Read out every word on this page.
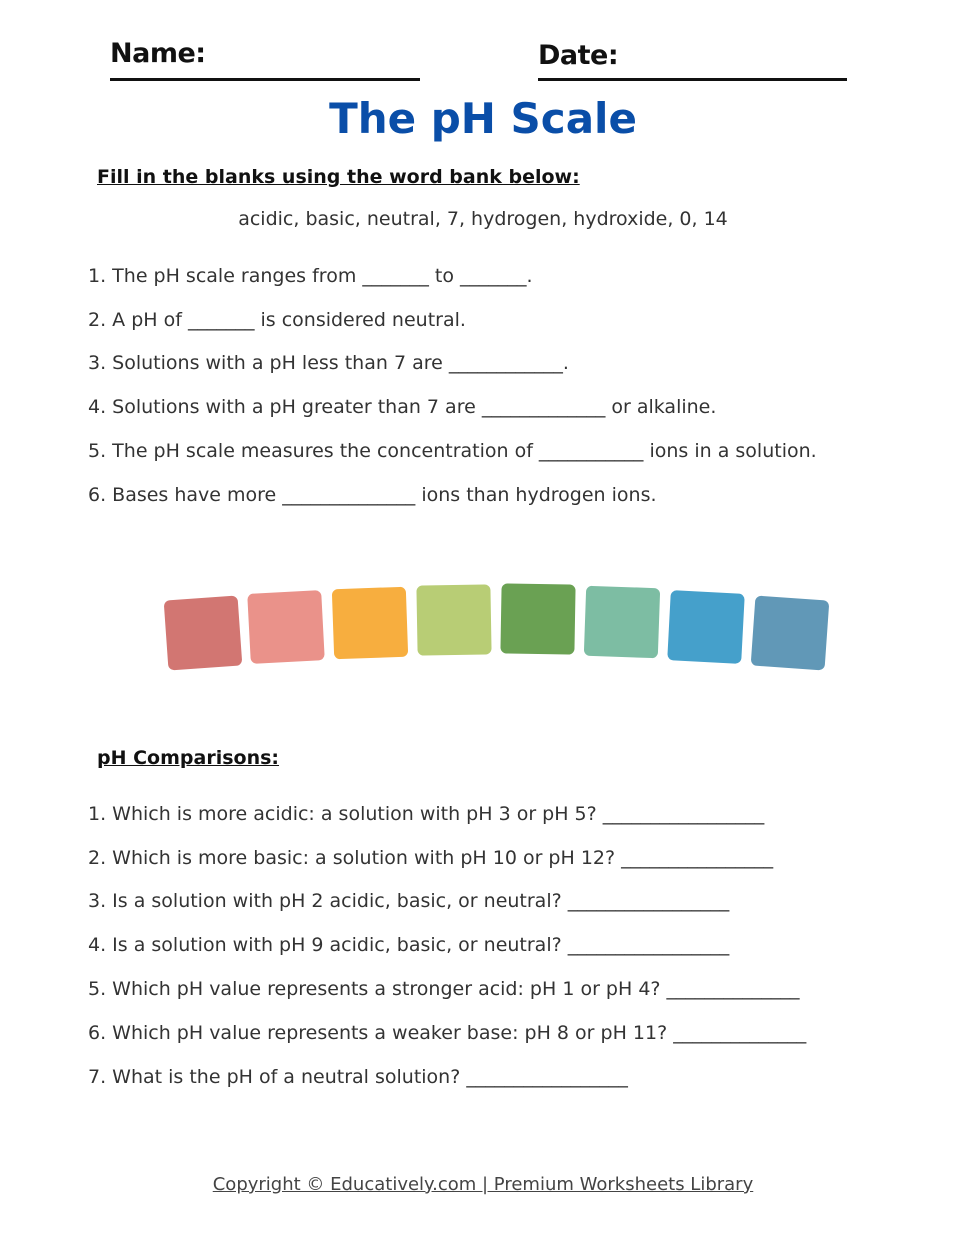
Name:	Date:
The pH Scale
Fill in the blanks using the word bank below:
acidic, basic, neutral, 7, hydrogen, hydroxide, 0, 14
1. The pH scale ranges from _______ to _______.
2. A pH of _______ is considered neutral.
3. Solutions with a pH less than 7 are ____________.
4. Solutions with a pH greater than 7 are _____________ or alkaline.
5. The pH scale measures the concentration of ___________ ions in a solution.
6. Bases have more ______________ ions than hydrogen ions.
pH Comparisons:
1. Which is more acidic: a solution with pH 3 or pH 5? _________________
2. Which is more basic: a solution with pH 10 or pH 12? ________________
3. Is a solution with pH 2 acidic, basic, or neutral? _________________
4. Is a solution with pH 9 acidic, basic, or neutral? _________________
5. Which pH value represents a stronger acid: pH 1 or pH 4? ______________
6. Which pH value represents a weaker base: pH 8 or pH 11? ______________
7. What is the pH of a neutral solution? _________________
Copyright © Educatively.com | Premium Worksheets Library
